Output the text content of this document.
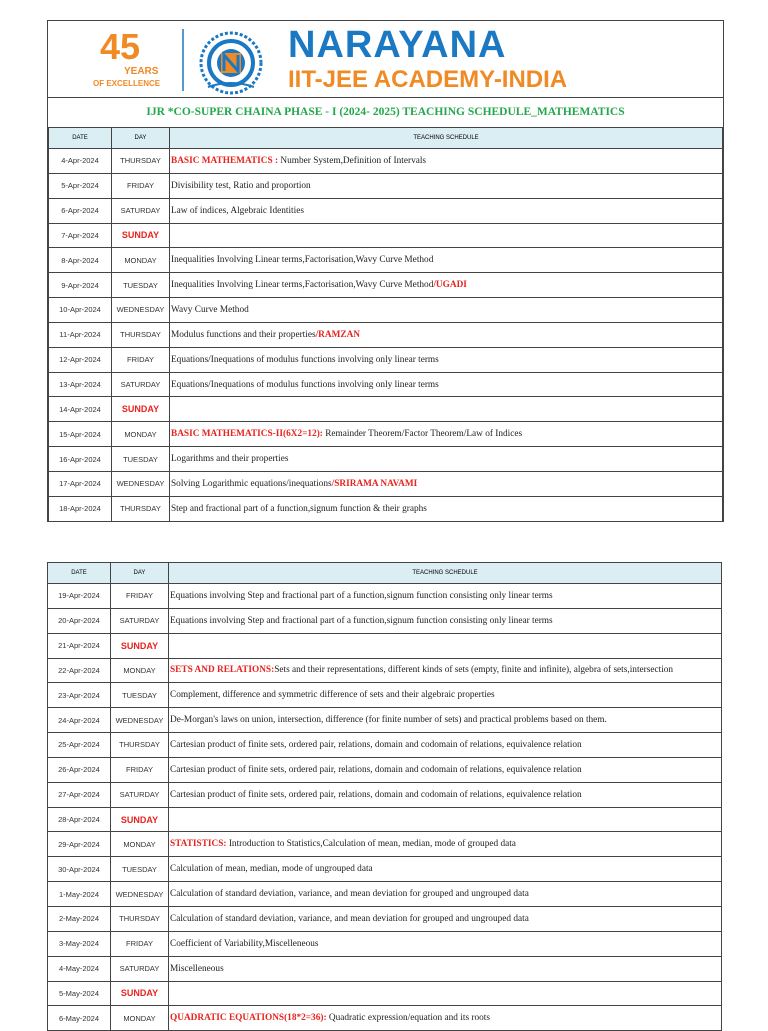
45
YEARS
OF EXCELLENCE
NARAYANA
IIT-JEE ACADEMY-INDIA
IJR *CO-SUPER CHAINA PHASE - I (2024- 2025) TEACHING SCHEDULE_MATHEMATICS
DATE	DAY	TEACHING SCHEDULE
4-Apr-2024	THURSDAY	BASIC MATHEMATICS : Number System,Definition of Intervals
5-Apr-2024	FRIDAY	Divisibility test, Ratio and proportion
6-Apr-2024	SATURDAY	Law of indices, Algebraic Identities
7-Apr-2024	SUNDAY	
8-Apr-2024	MONDAY	Inequalities Involving Linear terms,Factorisation,Wavy Curve Method
9-Apr-2024	TUESDAY	Inequalities Involving Linear terms,Factorisation,Wavy Curve Method/UGADI
10-Apr-2024	WEDNESDAY	Wavy Curve Method
11-Apr-2024	THURSDAY	Modulus functions and their properties/RAMZAN
12-Apr-2024	FRIDAY	Equations/Inequations of modulus functions involving only linear terms
13-Apr-2024	SATURDAY	Equations/Inequations of modulus functions involving only linear terms
14-Apr-2024	SUNDAY	
15-Apr-2024	MONDAY	BASIC MATHEMATICS-II(6X2=12): Remainder Theorem/Factor Theorem/Law of Indices
16-Apr-2024	TUESDAY	Logarithms and their properties
17-Apr-2024	WEDNESDAY	Solving Logarithmic equations/inequations/SRIRAMA NAVAMI
18-Apr-2024	THURSDAY	Step and fractional part of a function,signum function & their graphs
DATE	DAY	TEACHING SCHEDULE
19-Apr-2024	FRIDAY	Equations involving Step and fractional part of a function,signum function consisting only linear terms
20-Apr-2024	SATURDAY	Equations involving Step and fractional part of a function,signum function consisting only linear terms
21-Apr-2024	SUNDAY	
22-Apr-2024	MONDAY	SETS AND RELATIONS:Sets and their representations, different kinds of sets (empty, finite and infinite), algebra of sets,intersection
23-Apr-2024	TUESDAY	Complement, difference and symmetric difference of sets and their algebraic properties
24-Apr-2024	WEDNESDAY	De-Morgan's laws on union, intersection, difference (for finite number of sets) and practical problems based on them.
25-Apr-2024	THURSDAY	Cartesian product of finite sets, ordered pair, relations, domain and codomain of relations, equivalence relation
26-Apr-2024	FRIDAY	Cartesian product of finite sets, ordered pair, relations, domain and codomain of relations, equivalence relation
27-Apr-2024	SATURDAY	Cartesian product of finite sets, ordered pair, relations, domain and codomain of relations, equivalence relation
28-Apr-2024	SUNDAY	
29-Apr-2024	MONDAY	STATISTICS: Introduction to Statistics,Calculation of mean, median, mode of grouped data
30-Apr-2024	TUESDAY	Calculation of mean, median, mode of ungrouped data
1-May-2024	WEDNESDAY	Calculation of standard deviation, variance, and mean deviation for grouped and ungrouped data
2-May-2024	THURSDAY	Calculation of standard deviation, variance, and mean deviation for grouped and ungrouped data
3-May-2024	FRIDAY	Coefficient of Variability,Miscelleneous
4-May-2024	SATURDAY	Miscelleneous
5-May-2024	SUNDAY	
6-May-2024	MONDAY	QUADRATIC EQUATIONS(18*2=36): Quadratic expression/equation and its roots
